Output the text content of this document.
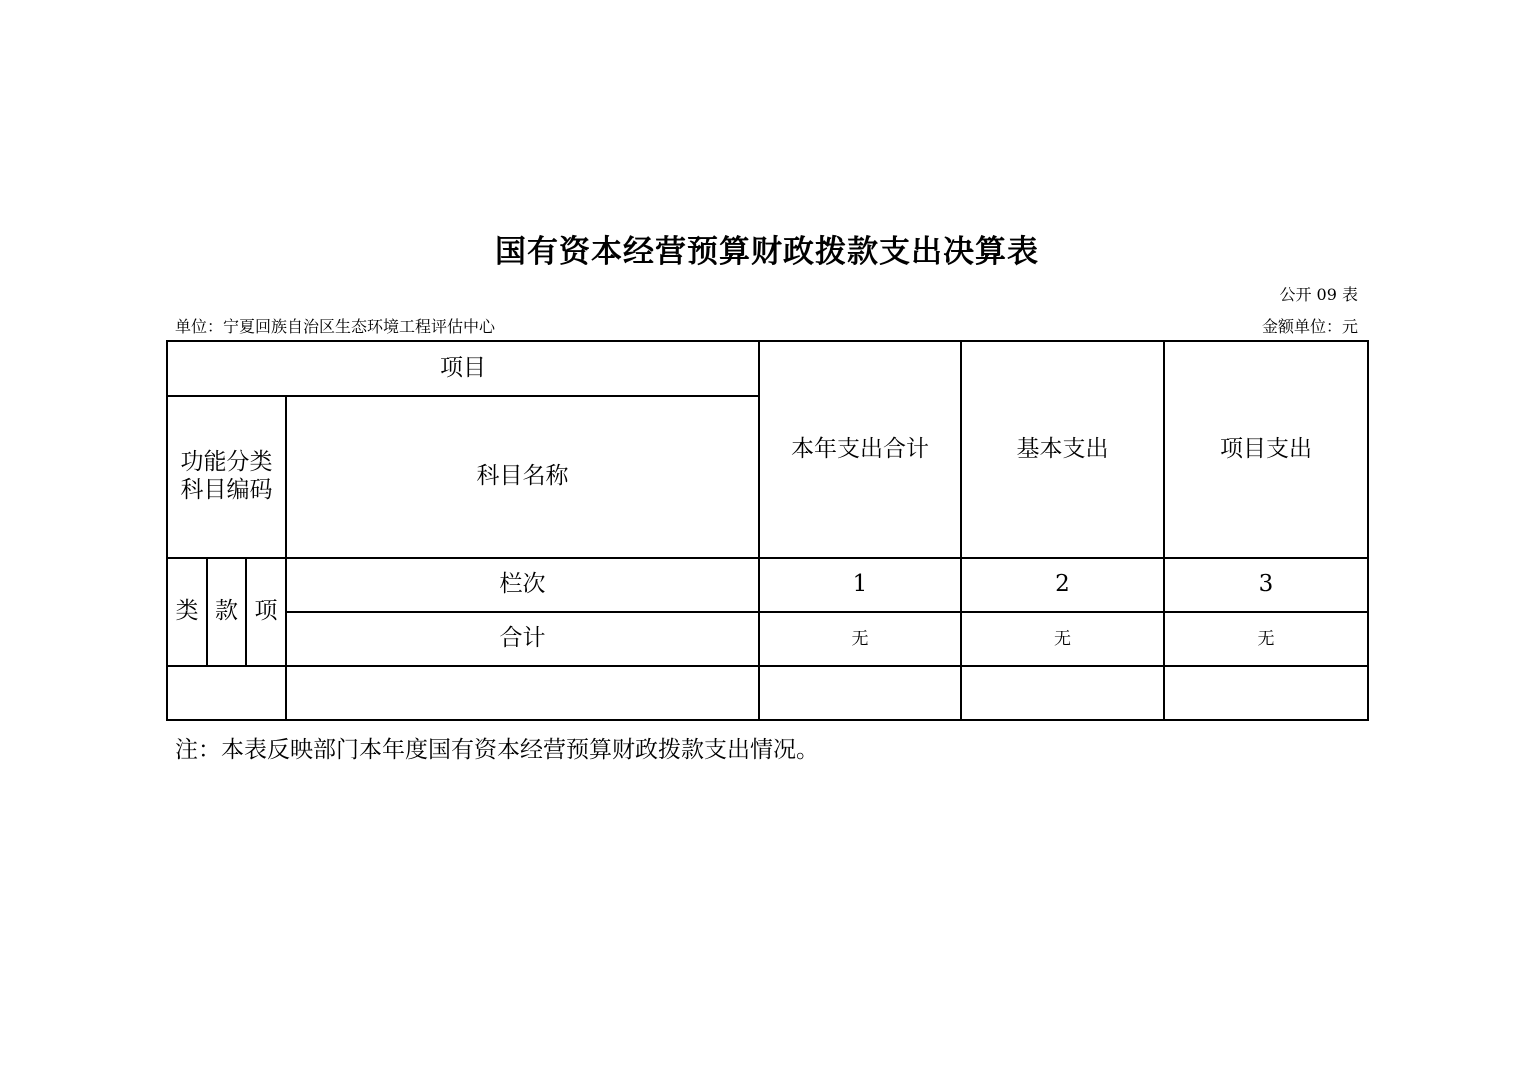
国有资本经营预算财政拨款支出决算表
公开 09 表
单位：宁夏回族自治区生态环境工程评估中心	金额单位：元
项目				本年支出合计	基本支出	项目支出

功能分类
科目编码			科目名称			
类	款	项	栏次	1	2	3
			合计	无	无	无

注：本表反映部门本年度国有资本经营预算财政拨款支出情况。
